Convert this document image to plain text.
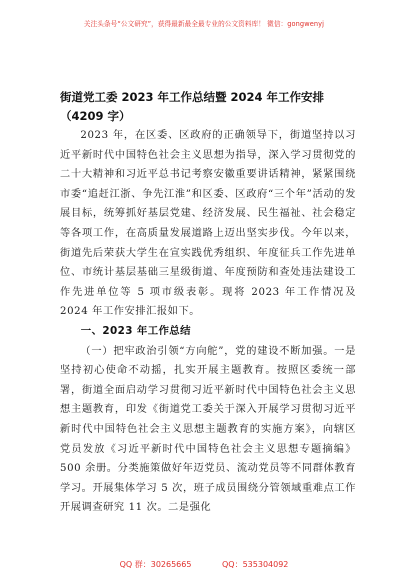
关注头条号“公文研究”，获得最新最全最专业的公文资料库！ 微信：gongwenyj
街道党工委 2023 年工作总结暨 2024 年工作安排（4209 字）

2023 年，在区委、区政府的正确领导下，街道坚持以习近平新时代中国特色社会主义思想为指导，深入学习贯彻党的二十大精神和习近平总书记考察安徽重要讲话精神，紧紧围绕市委“追赶江浙、争先江淮”和区委、区政府“三个年”活动的发展目标，统筹抓好基层党建、经济发展、民生福祉、社会稳定等各项工作，在高质量发展道路上迈出坚实步伐。今年以来，街道先后荣获大学生在宣实践优秀组织、年度征兵工作先进单位、市统计基层基础三星级街道、年度预防和查处违法建设工作先进单位等 5 项市级表彰。现将 2023 年工作情况及 2024 年工作安排汇报如下。

一、2023 年工作总结

（一）把牢政治引领“方向舵”，党的建设不断加强。一是坚持初心使命不动摇，扎实开展主题教育。按照区委统一部署，街道全面启动学习贯彻习近平新时代中国特色社会主义思想主题教育，印发《街道党工委关于深入开展学习贯彻习近平新时代中国特色社会主义思想主题教育的实施方案》，向辖区党员发放《习近平新时代中国特色社会主义思想专题摘编》500 余册。分类施策做好年迈党员、流动党员等不同群体教育学习。开展集体学习 5 次，班子成员围绕分管领域重难点工作开展调查研究 11 次。二是强化

QQ 群：30265665	QQ：535304092
